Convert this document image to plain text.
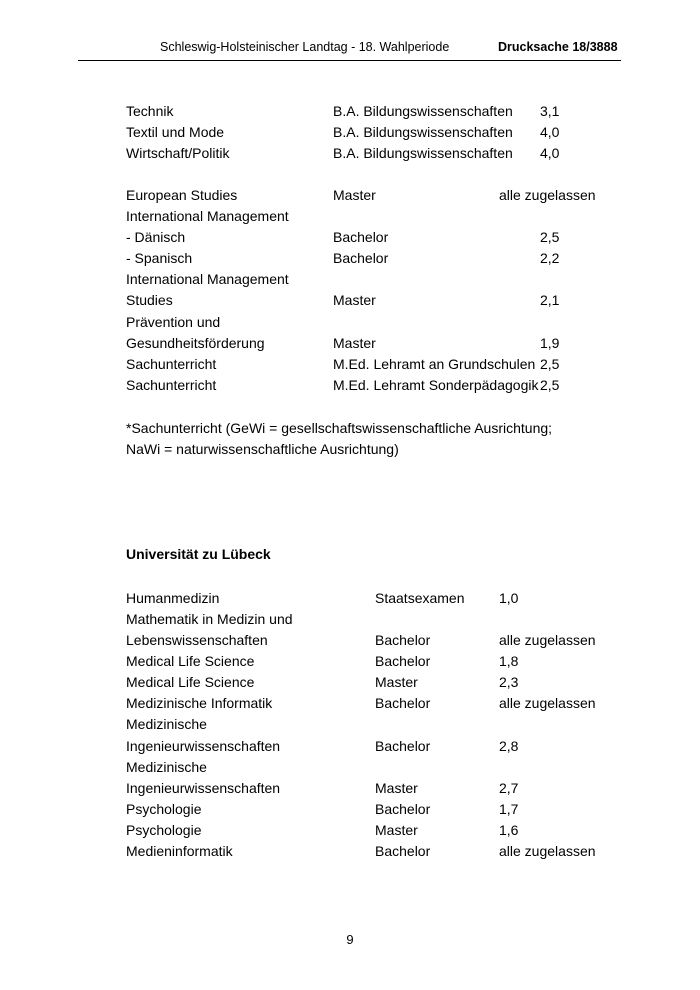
Schleswig-Holsteinischer Landtag - 18. Wahlperiode	Drucksache 18/3888
Technik	B.A. Bildungswissenschaften 3,1
Textil und Mode	B.A. Bildungswissenschaften 4,0
Wirtschaft/Politik	B.A. Bildungswissenschaften 4,0
European Studies	Master	alle zugelassen
International Management
- Dänisch	Bachelor	2,5
- Spanisch	Bachelor	2,2
International Management
Studies	Master	2,1
Prävention und
Gesundheitsförderung	Master	1,9
Sachunterricht	M.Ed. Lehramt an Grundschulen 2,5
Sachunterricht	M.Ed. Lehramt Sonderpädagogik 2,5
*Sachunterricht (GeWi = gesellschaftswissenschaftliche Ausrichtung;
NaWi = naturwissenschaftliche Ausrichtung)
Universität zu Lübeck
Humanmedizin	Staatsexamen 1,0
Mathematik in Medizin und
Lebenswissenschaften	Bachelor	alle zugelassen
Medical Life Science	Bachelor	1,8
Medical Life Science	Master	2,3
Medizinische Informatik	Bachelor	alle zugelassen
Medizinische
Ingenieurwissenschaften	Bachelor	2,8
Medizinische
Ingenieurwissenschaften	Master	2,7
Psychologie	Bachelor	1,7
Psychologie	Master	1,6
Medieninformatik	Bachelor	alle zugelassen
9
